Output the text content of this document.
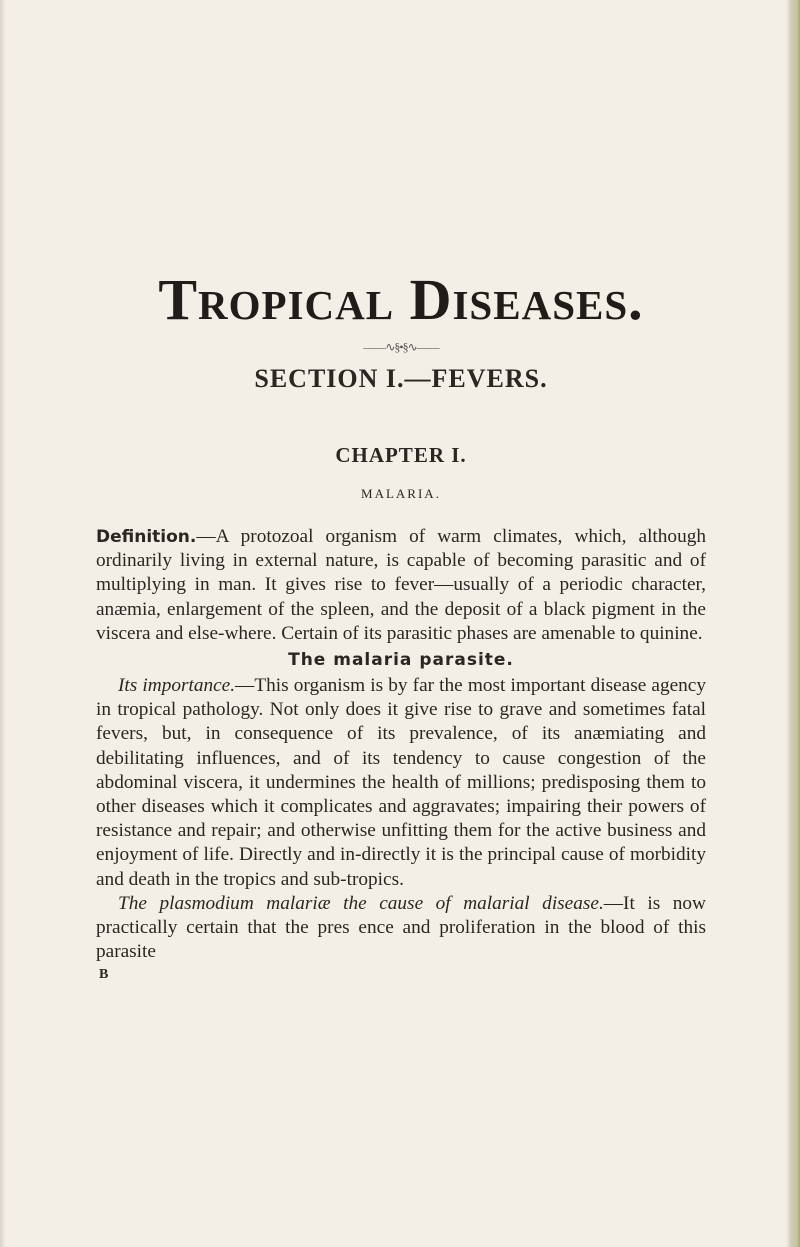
Tropical Diseases.
——∿§•§∿——
SECTION I.—FEVERS.
CHAPTER I.
MALARIA.

Definition.—A protozoal organism of warm climates, which, although ordinarily living in external nature, is capable of becoming parasitic and of multiplying in man. It gives rise to fever—usually of a periodic character, anæmia, enlargement of the spleen, and the deposit of a black pigment in the viscera and else-where. Certain of its parasitic phases are amenable to quinine.

The malaria parasite.

Its importance.—This organism is by far the most important disease agency in tropical pathology. Not only does it give rise to grave and sometimes fatal fevers, but, in consequence of its prevalence, of its anæmiating and debilitating influences, and of its tendency to cause congestion of the abdominal viscera, it undermines the health of millions; predisposing them to other diseases which it complicates and aggravates; impairing their powers of resistance and repair; and otherwise unfitting them for the active business and enjoyment of life. Directly and in-directly it is the principal cause of morbidity and death in the tropics and sub-tropics.

The plasmodium malariæ the cause of malarial disease.—It is now practically certain that the pres ence and proliferation in the blood of this parasite

B
